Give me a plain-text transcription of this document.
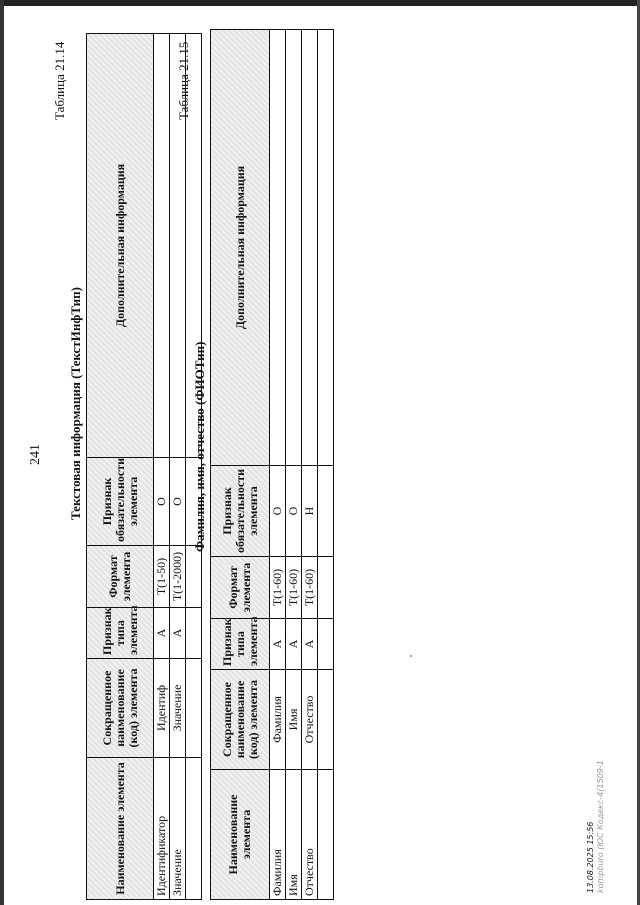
241
Таблица 21.14
Текстовая информация (ТекстИнфТип)
Наименование элемента	Сокращенное наименование (код) элемента	Признак типа элемента	Формат элемента	Признак обязательности элемента	Дополнительная информация
Идентификатор	Идентиф	А	T(1-50)	О	
Значение	Значение	А	T(1-2000)	О	

Таблица 21.15
Фамилия, имя, отчество (ФИОТип)
Наименование элемента	Сокращенное наименование (код) элемента	Признак типа элемента	Формат элемента	Признак обязательности элемента	Дополнительная информация
Фамилия	Фамилия	А	T(1-60)	О	
Имя	Имя	А	T(1-60)	О	
Отчество	Отчество	А	T(1-60)	Н	

13.08.2025 15:56 kompburo (ЮС Кодекс-4(1509-1
